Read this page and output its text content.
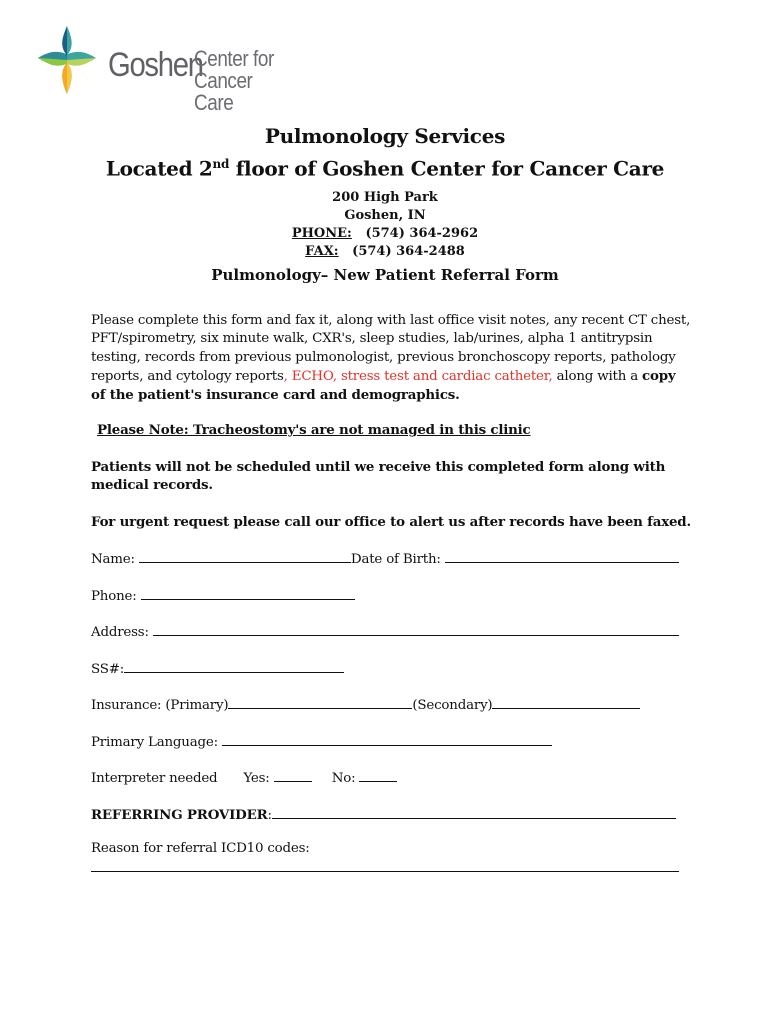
Goshen
Center for
Cancer Care
Pulmonology Services
Located 2nd floor of Goshen Center for Cancer Care
200 High Park
Goshen, IN
PHONE: (574) 364-2962
FAX: (574) 364-2488
Pulmonology– New Patient Referral Form
Please complete this form and fax it, along with last office visit notes, any recent CT chest, PFT/spirometry, six minute walk, CXR's, sleep studies, lab/urines, alpha 1 antitrypsin testing, records from previous pulmonologist, previous bronchoscopy reports, pathology reports, and cytology reports, ECHO, stress test and cardiac catheter, along with a copy of the patient's insurance card and demographics.
Please Note: Tracheostomy's are not managed in this clinic
Patients will not be scheduled until we receive this completed form along with medical records.
For urgent request please call our office to alert us after records have been faxed.
Name:	Date of Birth:
Phone:
Address:
SS#:
Insurance: (Primary)	(Secondary)
Primary Language:
Interpreter needed Yes:	No:
REFERRING PROVIDER:
Reason for referral ICD10 codes:
